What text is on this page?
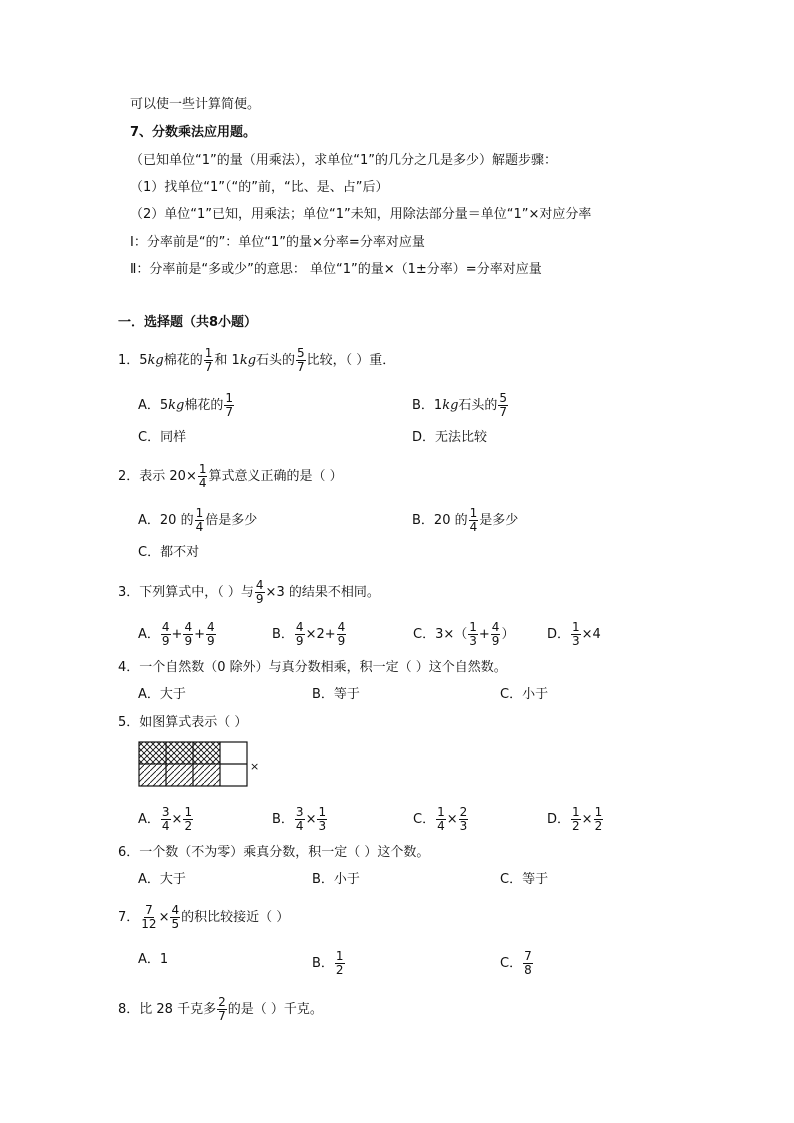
可以使一些计算简便。
7、分数乘法应用题。
（已知单位“1”的量（用乘法），求单位“1”的几分之几是多少）解题步骤：
（1）找单位“1”（“的”前，“比、是、占”后）
（2）单位“1”已知，用乘法；单位“1”未知，用除法部分量＝单位“1”×对应分率
Ⅰ：分率前是“的”：单位“1”的量×分率=分率对应量
Ⅱ：分率前是“多或少”的意思： 单位“1”的量×（1±分率）=分率对应量
一．选择题（共8小题）
1．5kg棉花的 $\frac{1}{7}$ 和 1kg石头的 $\frac{5}{7}$ 比较，（ ）重．
A．5kg棉花的 $\frac{1}{7}$	B．1kg石头的 $\frac{5}{7}$
C．同样	D．无法比较
2．表示 $20\times \frac{1}{4}$ 算式意义正确的是（ ）
A．20 的 $\frac{1}{4}$ 倍是多少	B．20 的 $\frac{1}{4}$ 是多少
C．都不对
3．下列算式中，（ ）与 $\frac{4}{9} \times 3$ 的结果不相同。
A． $\frac{4}{9} + \frac{4}{9} + \frac{4}{9}$	B． $\frac{4}{9} \times 2+ \frac{4}{9}$	C．$3\times( \frac{1}{3} + \frac{4}{9}$ ）	D． $\frac{1}{3} \times 4$
4．一个自然数（0 除外）与真分数相乘，积一定（ ）这个自然数。
A．大于	B．等于	C．小于
5．如图算式表示（ ）
×
A． $\frac{3}{4} \times \frac{1}{2}$	B． $\frac{3}{4} \times \frac{1}{3}$	C． $\frac{1}{4} \times \frac{2}{3}$	D． $\frac{1}{2} \times \frac{1}{2}$
6．一个数（不为零）乘真分数，积一定（ ）这个数。
A．大于	B．小于	C．等于
7． $\frac{7}{12} \times \frac{4}{5}$ 的积比较接近（ ）
A．1	B． $\frac{1}{2}$	C． $\frac{7}{8}$
8．比 28 千克多 $\frac{2}{7}$ 的是（ ）千克。
